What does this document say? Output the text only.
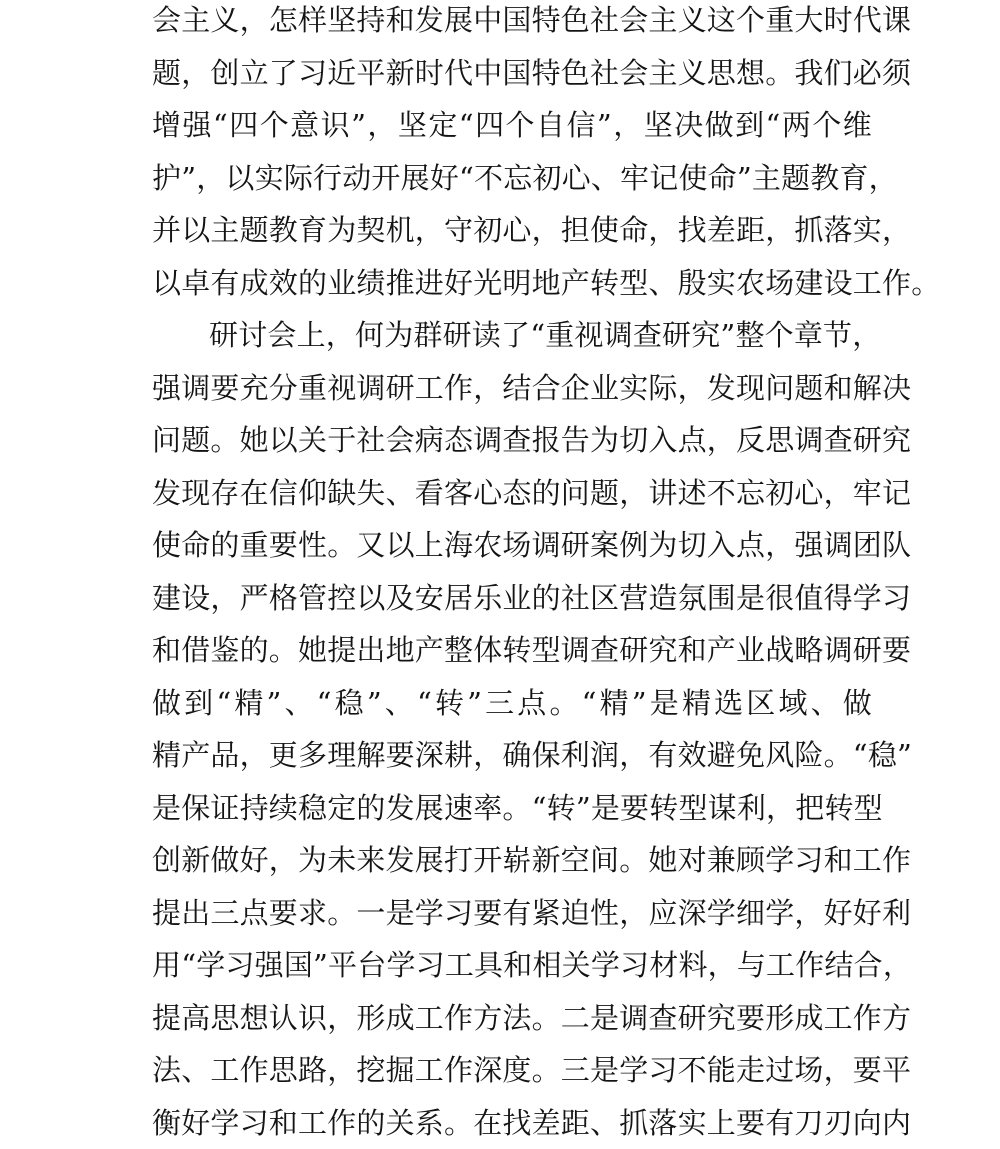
会主义，怎样坚持和发展中国特色社会主义这个重大时代课
题，创立了习近平新时代中国特色社会主义思想。我们必须
增强“四个意识”，坚定“四个自信”，坚决做到“两个维
护”，以实际行动开展好“不忘初心、牢记使命”主题教育，
并以主题教育为契机，守初心，担使命，找差距，抓落实，
以卓有成效的业绩推进好光明地产转型、殷实农场建设工作。
研讨会上，何为群研读了“重视调查研究”整个章节，
强调要充分重视调研工作，结合企业实际，发现问题和解决
问题。她以关于社会病态调查报告为切入点，反思调查研究
发现存在信仰缺失、看客心态的问题，讲述不忘初心，牢记
使命的重要性。又以上海农场调研案例为切入点，强调团队
建设，严格管控以及安居乐业的社区营造氛围是很值得学习
和借鉴的。她提出地产整体转型调查研究和产业战略调研要
做到“精”、“稳”、“转”三点。“精”是精选区域、做
精产品，更多理解要深耕，确保利润，有效避免风险。“稳”
是保证持续稳定的发展速率。“转”是要转型谋利，把转型
创新做好，为未来发展打开崭新空间。她对兼顾学习和工作
提出三点要求。一是学习要有紧迫性，应深学细学，好好利
用“学习强国”平台学习工具和相关学习材料，与工作结合，
提高思想认识，形成工作方法。二是调查研究要形成工作方
法、工作思路，挖掘工作深度。三是学习不能走过场，要平
衡好学习和工作的关系。在找差距、抓落实上要有刀刃向内
